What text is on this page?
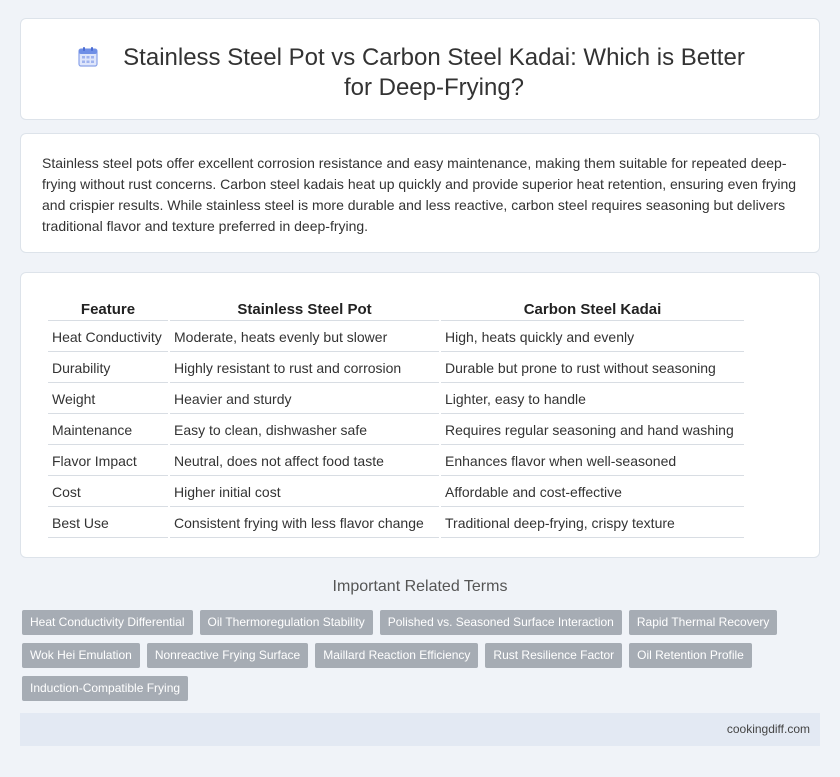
Stainless Steel Pot vs Carbon Steel Kadai: Which is Better for Deep-Frying?

Stainless steel pots offer excellent corrosion resistance and easy maintenance, making them suitable for repeated deep-frying without rust concerns. Carbon steel kadais heat up quickly and provide superior heat retention, ensuring even frying and crispier results. While stainless steel is more durable and less reactive, carbon steel requires seasoning but delivers traditional flavor and texture preferred in deep-frying.

Feature	Stainless Steel Pot	Carbon Steel Kadai
Heat Conductivity	Moderate, heats evenly but slower	High, heats quickly and evenly
Durability	Highly resistant to rust and corrosion	Durable but prone to rust without seasoning
Weight	Heavier and sturdy	Lighter, easy to handle
Maintenance	Easy to clean, dishwasher safe	Requires regular seasoning and hand washing
Flavor Impact	Neutral, does not affect food taste	Enhances flavor when well-seasoned
Cost	Higher initial cost	Affordable and cost-effective
Best Use	Consistent frying with less flavor change	Traditional deep-frying, crispy texture
Important Related Terms
Heat Conductivity Differential	Oil Thermoregulation Stability	Polished vs. Seasoned Surface Interaction	Rapid Thermal Recovery
Wok Hei Emulation	Nonreactive Frying Surface	Maillard Reaction Efficiency	Rust Resilience Factor	Oil Retention Profile
Induction-Compatible Frying
cookingdiff.com
